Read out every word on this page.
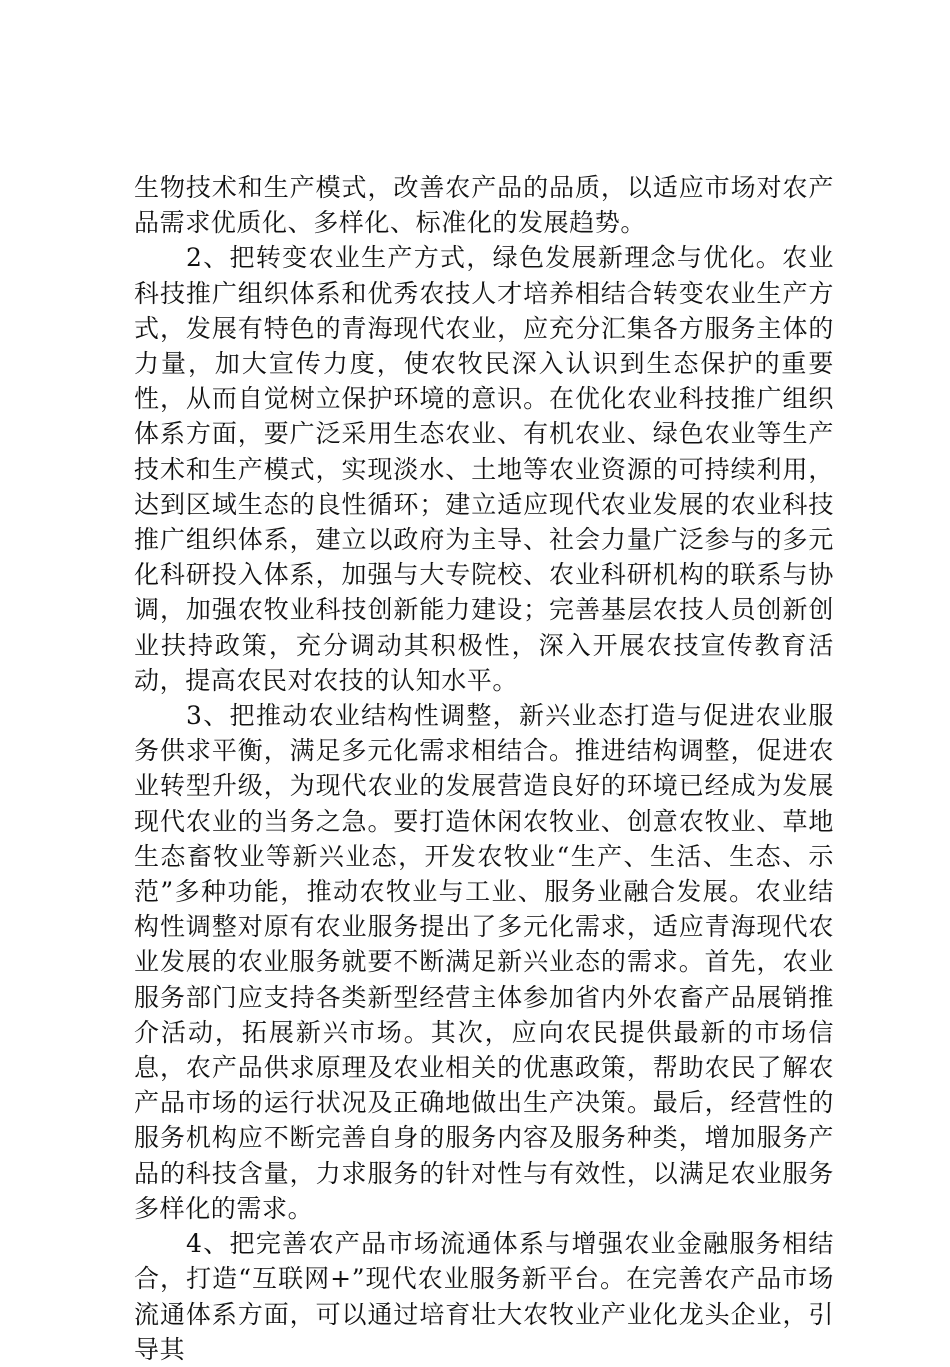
生物技术和生产模式，改善农产品的品质，以适应市场对农产品需求优质化、多样化、标准化的发展趋势。

2、把转变农业生产方式，绿色发展新理念与优化。农业科技推广组织体系和优秀农技人才培养相结合转变农业生产方式，发展有特色的青海现代农业，应充分汇集各方服务主体的力量，加大宣传力度，使农牧民深入认识到生态保护的重要性，从而自觉树立保护环境的意识。在优化农业科技推广组织体系方面，要广泛采用生态农业、有机农业、绿色农业等生产技术和生产模式，实现淡水、土地等农业资源的可持续利用，达到区域生态的良性循环；建立适应现代农业发展的农业科技推广组织体系，建立以政府为主导、社会力量广泛参与的多元化科研投入体系，加强与大专院校、农业科研机构的联系与协调，加强农牧业科技创新能力建设；完善基层农技人员创新创业扶持政策，充分调动其积极性，深入开展农技宣传教育活动，提高农民对农技的认知水平。

3、把推动农业结构性调整，新兴业态打造与促进农业服务供求平衡，满足多元化需求相结合。推进结构调整，促进农业转型升级，为现代农业的发展营造良好的环境已经成为发展现代农业的当务之急。要打造休闲农牧业、创意农牧业、草地生态畜牧业等新兴业态，开发农牧业“生产、生活、生态、示范”多种功能，推动农牧业与工业、服务业融合发展。农业结构性调整对原有农业服务提出了多元化需求，适应青海现代农业发展的农业服务就要不断满足新兴业态的需求。首先，农业服务部门应支持各类新型经营主体参加省内外农畜产品展销推介活动，拓展新兴市场。其次，应向农民提供最新的市场信息，农产品供求原理及农业相关的优惠政策，帮助农民了解农产品市场的运行状况及正确地做出生产决策。最后，经营性的服务机构应不断完善自身的服务内容及服务种类，增加服务产品的科技含量，力求服务的针对性与有效性，以满足农业服务多样化的需求。

4、把完善农产品市场流通体系与增强农业金融服务相结合，打造“互联网+”现代农业服务新平台。在完善农产品市场流通体系方面，可以通过培育壮大农牧业产业化龙头企业，引导其
